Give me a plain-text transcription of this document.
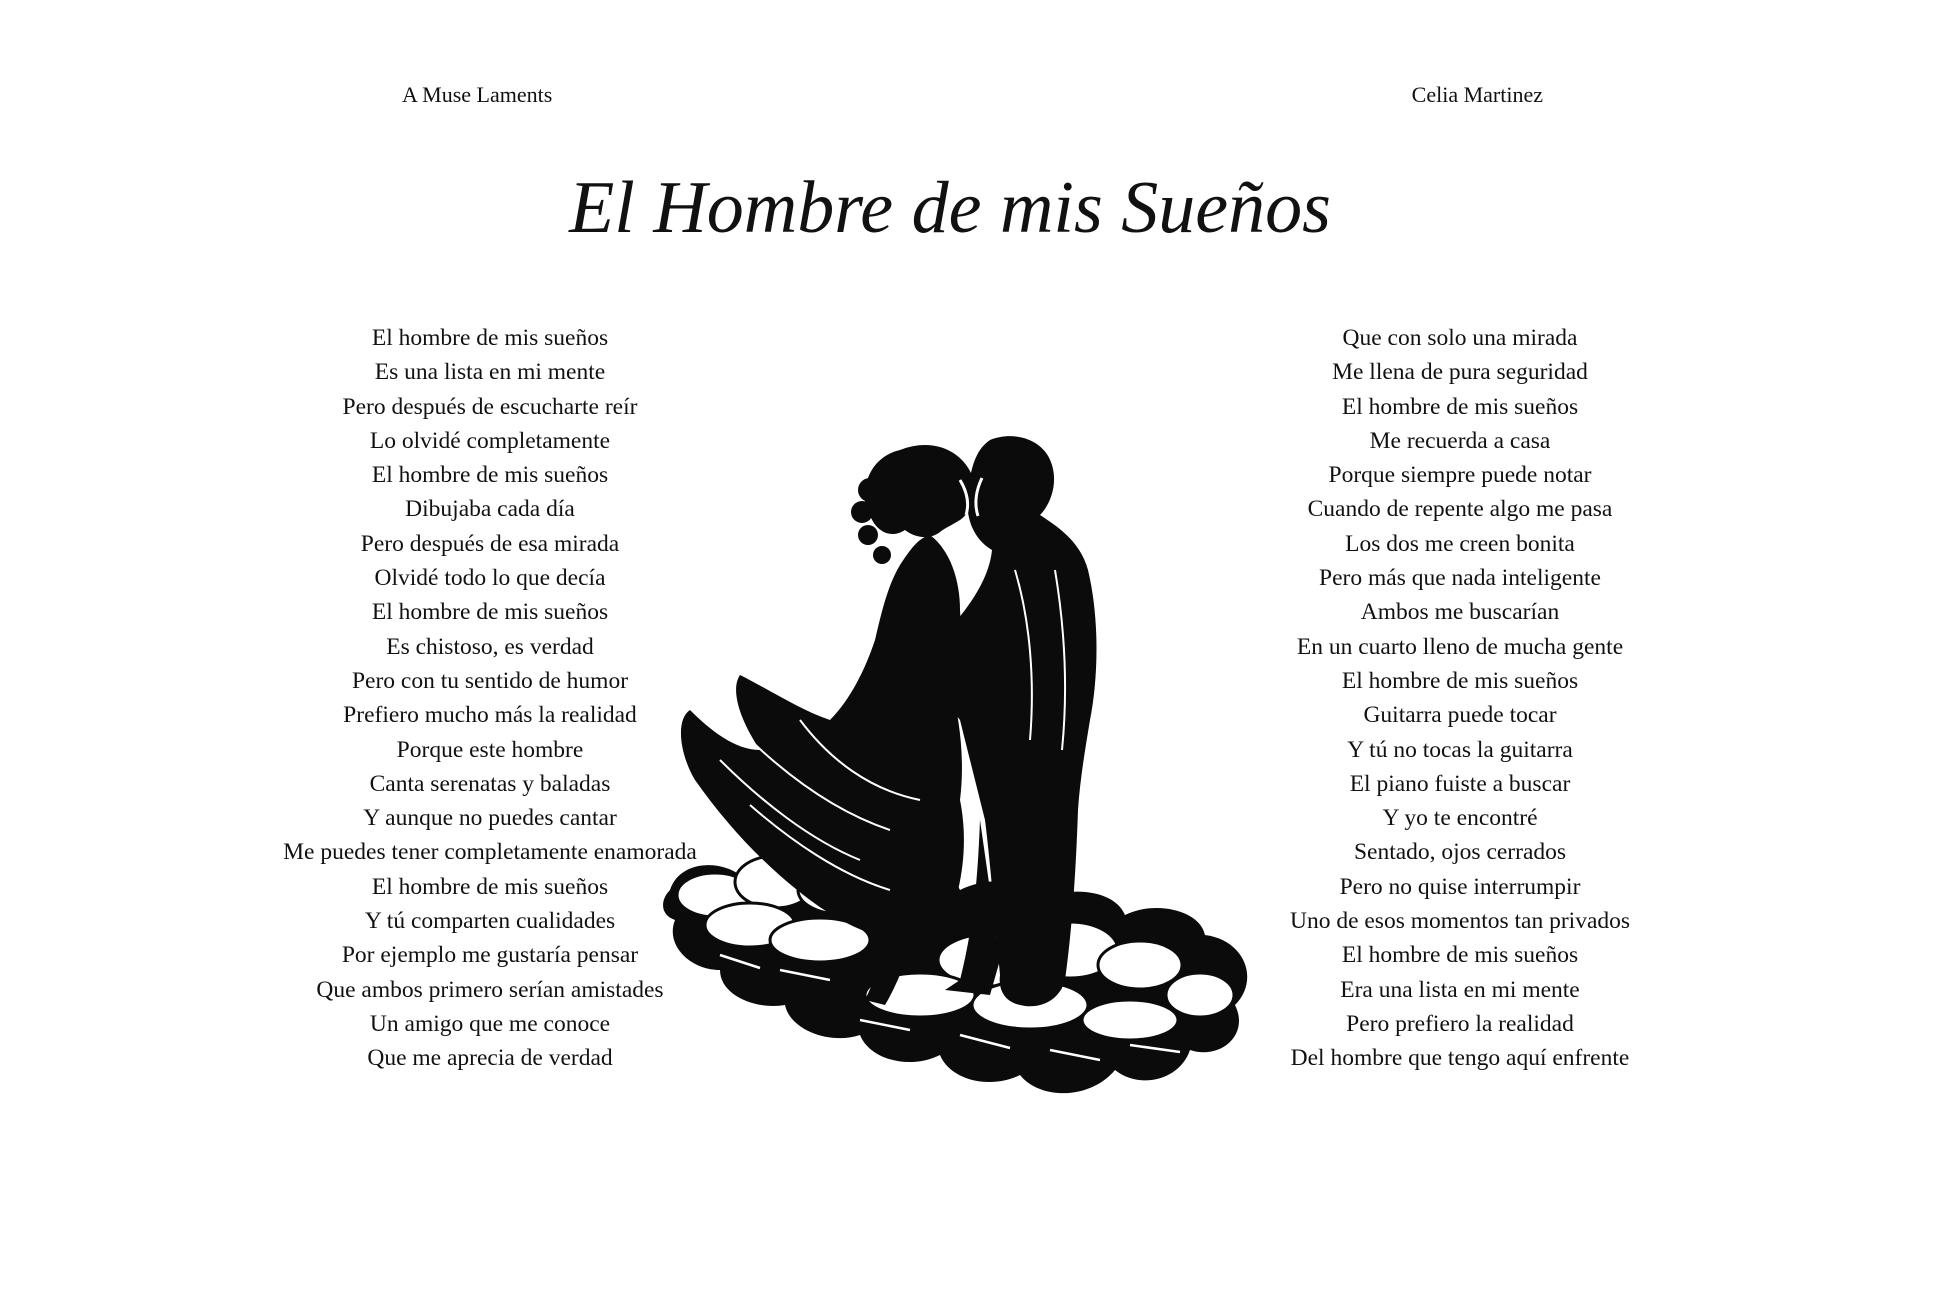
A Muse Laments	Celia Martinez
El Hombre de mis Sueños
El hombre de mis sueños
Es una lista en mi mente
Pero después de escucharte reír
Lo olvidé completamente
El hombre de mis sueños
Dibujaba cada día
Pero después de esa mirada
Olvidé todo lo que decía
El hombre de mis sueños
Es chistoso, es verdad
Pero con tu sentido de humor
Prefiero mucho más la realidad
Porque este hombre
Canta serenatas y baladas
Y aunque no puedes cantar
Me puedes tener completamente enamorada
El hombre de mis sueños
Y tú comparten cualidades
Por ejemplo me gustaría pensar
Que ambos primero serían amistades
Un amigo que me conoce
Que me aprecia de verdad
Que con solo una mirada
Me llena de pura seguridad
El hombre de mis sueños
Me recuerda a casa
Porque siempre puede notar
Cuando de repente algo me pasa
Los dos me creen bonita
Pero más que nada inteligente
Ambos me buscarían
En un cuarto lleno de mucha gente
El hombre de mis sueños
Guitarra puede tocar
Y tú no tocas la guitarra
El piano fuiste a buscar
Y yo te encontré
Sentado, ojos cerrados
Pero no quise interrumpir
Uno de esos momentos tan privados
El hombre de mis sueños
Era una lista en mi mente
Pero prefiero la realidad
Del hombre que tengo aquí enfrente
